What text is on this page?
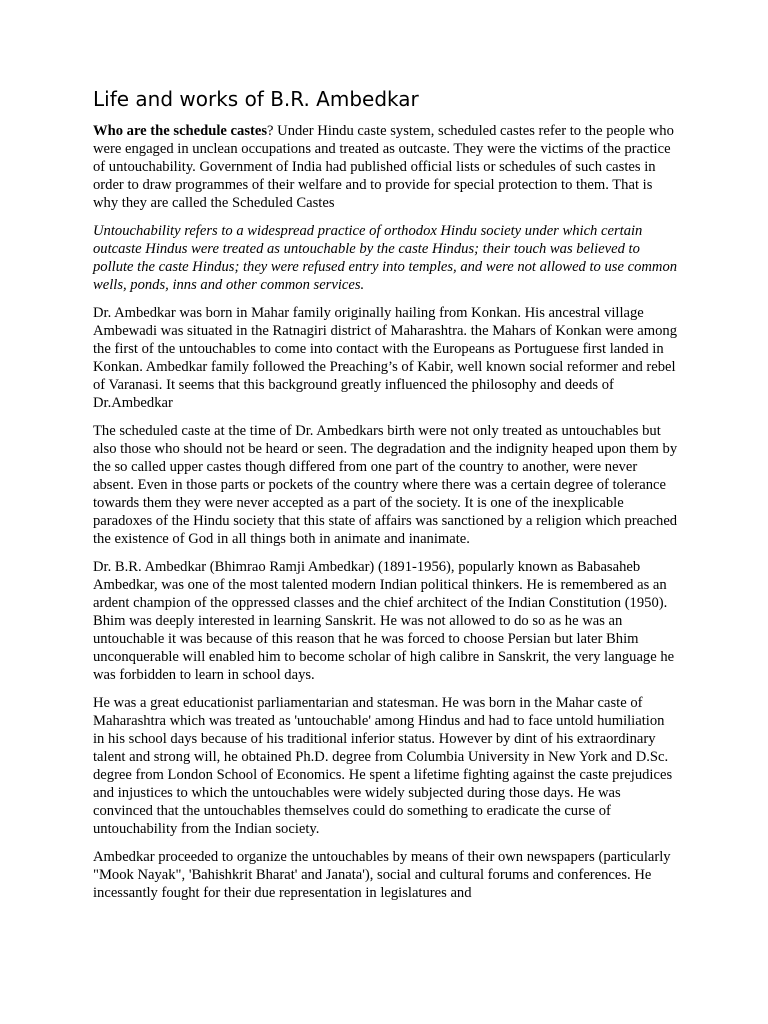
Life and works of B.R. Ambedkar

Who are the schedule castes? Under Hindu caste system, scheduled castes refer to the people who were engaged in unclean occupations and treated as outcaste. They were the victims of the practice of untouchability. Government of India had published official lists or schedules of such castes in order to draw programmes of their welfare and to provide for special protection to them. That is why they are called the Scheduled Castes

Untouchability refers to a widespread practice of orthodox Hindu society under which certain outcaste Hindus were treated as untouchable by the caste Hindus; their touch was believed to pollute the caste Hindus; they were refused entry into temples, and were not allowed to use common wells, ponds, inns and other common services.

Dr. Ambedkar was born in Mahar family originally hailing from Konkan. His ancestral village Ambewadi was situated in the Ratnagiri district of Maharashtra. the Mahars of Konkan were among the first of the untouchables to come into contact with the Europeans as Portuguese first landed in Konkan. Ambedkar family followed the Preaching’s of Kabir, well known social reformer and rebel of Varanasi. It seems that this background greatly influenced the philosophy and deeds of Dr.Ambedkar

The scheduled caste at the time of Dr. Ambedkars birth were not only treated as untouchables but also those who should not be heard or seen. The degradation and the indignity heaped upon them by the so called upper castes though differed from one part of the country to another, were never absent. Even in those parts or pockets of the country where there was a certain degree of tolerance towards them they were never accepted as a part of the society. It is one of the inexplicable paradoxes of the Hindu society that this state of affairs was sanctioned by a religion which preached the existence of God in all things both in animate and inanimate.

Dr. B.R. Ambedkar (Bhimrao Ramji Ambedkar) (1891-1956), popularly known as Babasaheb Ambedkar, was one of the most talented modern Indian political thinkers. He is remembered as an ardent champion of the oppressed classes and the chief architect of the Indian Constitution (1950). Bhim was deeply interested in learning Sanskrit. He was not allowed to do so as he was an untouchable it was because of this reason that he was forced to choose Persian but later Bhim unconquerable will enabled him to become scholar of high calibre in Sanskrit, the very language he was forbidden to learn in school days.

He was a great educationist parliamentarian and statesman. He was born in the Mahar caste of Maharashtra which was treated as 'untouchable' among Hindus and had to face untold humiliation in his school days because of his traditional inferior status. However by dint of his extraordinary talent and strong will, he obtained Ph.D. degree from Columbia University in New York and D.Sc. degree from London School of Economics. He spent a lifetime fighting against the caste prejudices and injustices to which the untouchables were widely subjected during those days. He was convinced that the untouchables themselves could do something to eradicate the curse of untouchability from the Indian society.

Ambedkar proceeded to organize the untouchables by means of their own newspapers (particularly "Mook Nayak", 'Bahishkrit Bharat' and Janata'), social and cultural forums and conferences. He incessantly fought for their due representation in legislatures and
